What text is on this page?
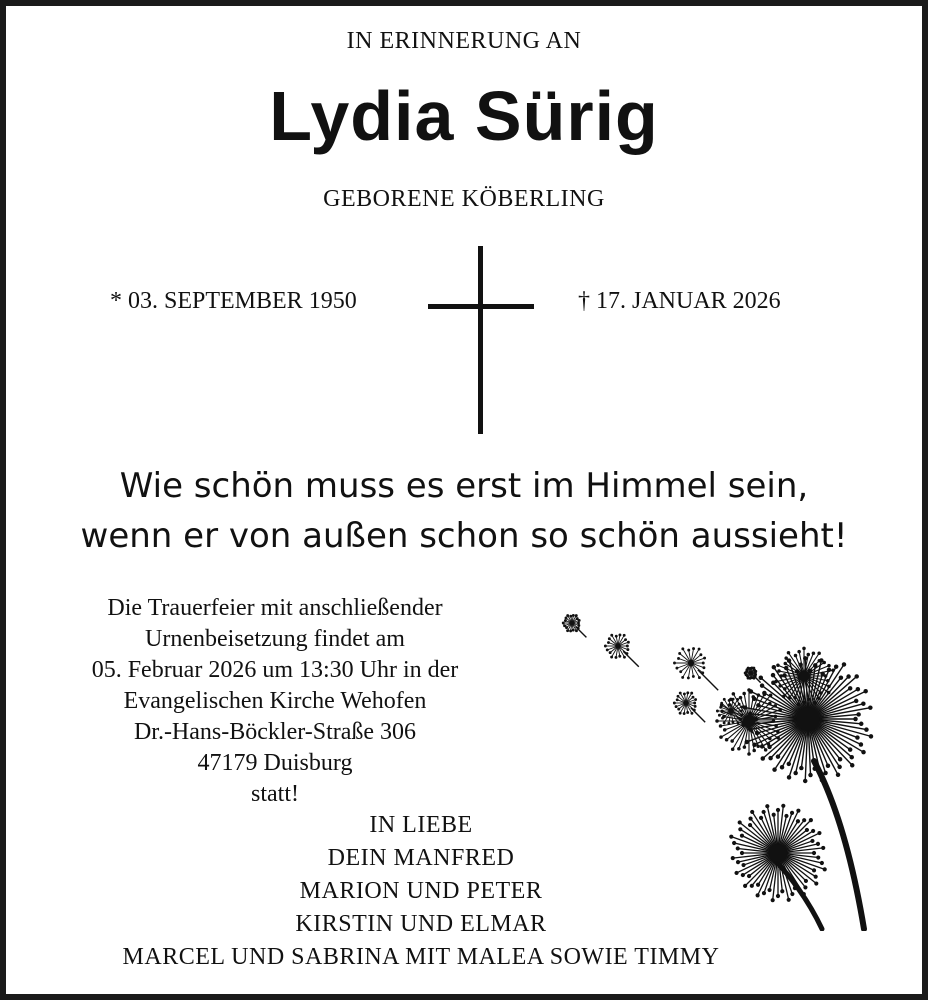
IN ERINNERUNG AN
Lydia Sürig
GEBORENE KÖBERLING
* 03. SEPTEMBER 1950	† 17. JANUAR 2026
Wie schön muss es erst im Himmel sein,
wenn er von außen schon so schön aussieht!
Die Trauerfeier mit anschließender
Urnenbeisetzung findet am
05. Februar 2026 um 13:30 Uhr in der
Evangelischen Kirche Wehofen
Dr.-Hans-Böckler-Straße 306
47179 Duisburg
statt!
IN LIEBE
DEIN MANFRED
MARION UND PETER
KIRSTIN UND ELMAR
MARCEL UND SABRINA MIT MALEA SOWIE TIMMY
